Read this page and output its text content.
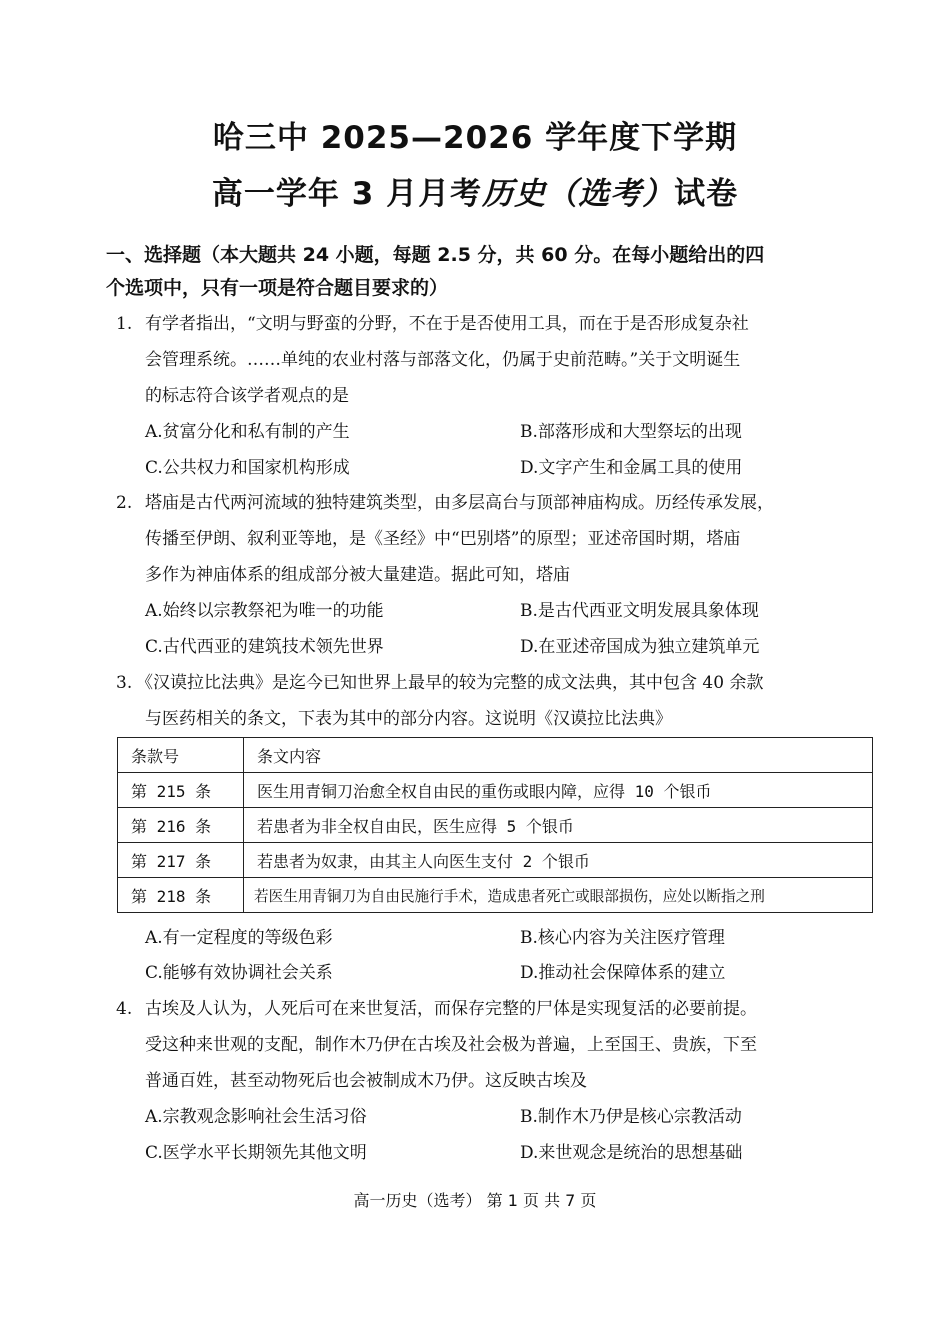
哈三中 2025—2026 学年度下学期
高一学年 3 月月考历史（选考）试卷
一、选择题（本大题共 24 小题，每题 2.5 分，共 60 分。在每小题给出的四
个选项中，只有一项是符合题目要求的）
1. 有学者指出，“文明与野蛮的分野，不在于是否使用工具，而在于是否形成复杂社
会管理系统。……单纯的农业村落与部落文化，仍属于史前范畴。”关于文明诞生
的标志符合该学者观点的是
A.贫富分化和私有制的产生	B.部落形成和大型祭坛的出现
C.公共权力和国家机构形成	D.文字产生和金属工具的使用
2. 塔庙是古代两河流域的独特建筑类型，由多层高台与顶部神庙构成。历经传承发展，
传播至伊朗、叙利亚等地，是《圣经》中“巴别塔”的原型；亚述帝国时期，塔庙
多作为神庙体系的组成部分被大量建造。据此可知，塔庙
A.始终以宗教祭祀为唯一的功能	B.是古代西亚文明发展具象体现
C.古代西亚的建筑技术领先世界	D.在亚述帝国成为独立建筑单元
3. 《汉谟拉比法典》是迄今已知世界上最早的较为完整的成文法典，其中包含 40 余款
与医药相关的条文，下表为其中的部分内容。这说明《汉谟拉比法典》
条款号	条文内容
第 215 条	医生用青铜刀治愈全权自由民的重伤或眼内障，应得 10 个银币
第 216 条	若患者为非全权自由民，医生应得 5 个银币
第 217 条	若患者为奴隶，由其主人向医生支付 2 个银币
第 218 条	若医生用青铜刀为自由民施行手术，造成患者死亡或眼部损伤，应处以断指之刑
A.有一定程度的等级色彩	B.核心内容为关注医疗管理
C.能够有效协调社会关系	D.推动社会保障体系的建立
4. 古埃及人认为，人死后可在来世复活，而保存完整的尸体是实现复活的必要前提。
受这种来世观的支配，制作木乃伊在古埃及社会极为普遍，上至国王、贵族，下至
普通百姓，甚至动物死后也会被制成木乃伊。这反映古埃及
A.宗教观念影响社会生活习俗	B.制作木乃伊是核心宗教活动
C.医学水平长期领先其他文明	D.来世观念是统治的思想基础
高一历史（选考） 第 1 页 共 7 页
